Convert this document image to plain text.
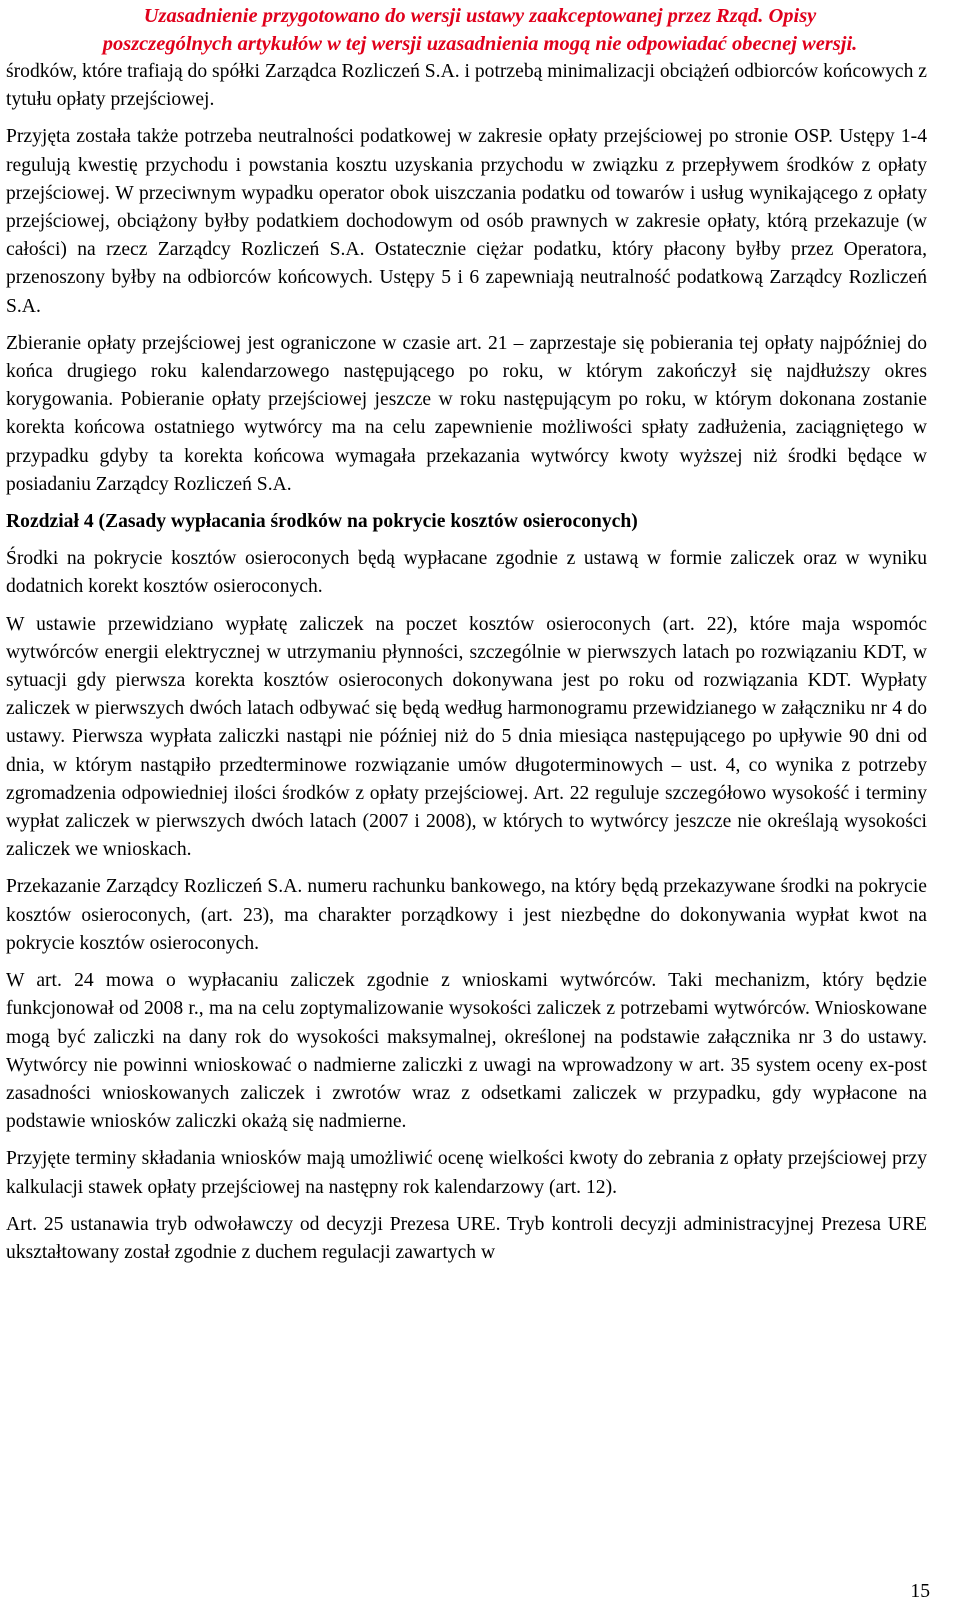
Uzasadnienie przygotowano do wersji ustawy zaakceptowanej przez Rząd. Opisy
poszczególnych artykułów w tej wersji uzasadnienia mogą nie odpowiadać obecnej wersji.

środków, które trafiają do spółki Zarządca Rozliczeń S.A. i potrzebą minimalizacji obciążeń odbiorców końcowych z tytułu opłaty przejściowej.

Przyjęta została także potrzeba neutralności podatkowej w zakresie opłaty przejściowej po stronie OSP. Ustępy 1-4 regulują kwestię przychodu i powstania kosztu uzyskania przychodu w związku z przepływem środków z opłaty przejściowej. W przeciwnym wypadku operator obok uiszczania podatku od towarów i usług wynikającego z opłaty przejściowej, obciążony byłby podatkiem dochodowym od osób prawnych w zakresie opłaty, którą przekazuje (w całości) na rzecz Zarządcy Rozliczeń S.A. Ostatecznie ciężar podatku, który płacony byłby przez Operatora, przenoszony byłby na odbiorców końcowych. Ustępy 5 i 6 zapewniają neutralność podatkową Zarządcy Rozliczeń S.A.

Zbieranie opłaty przejściowej jest ograniczone w czasie art. 21 – zaprzestaje się pobierania tej opłaty najpóźniej do końca drugiego roku kalendarzowego następującego po roku, w którym zakończył się najdłuższy okres korygowania. Pobieranie opłaty przejściowej jeszcze w roku następującym po roku, w którym dokonana zostanie korekta końcowa ostatniego wytwórcy ma na celu zapewnienie możliwości spłaty zadłużenia, zaciągniętego w przypadku gdyby ta korekta końcowa wymagała przekazania wytwórcy kwoty wyższej niż środki będące w posiadaniu Zarządcy Rozliczeń S.A.

Rozdział 4 (Zasady wypłacania środków na pokrycie kosztów osieroconych)

Środki na pokrycie kosztów osieroconych będą wypłacane zgodnie z ustawą w formie zaliczek oraz w wyniku dodatnich korekt kosztów osieroconych.

W ustawie przewidziano wypłatę zaliczek na poczet kosztów osieroconych (art. 22), które maja wspomóc wytwórców energii elektrycznej w utrzymaniu płynności, szczególnie w pierwszych latach po rozwiązaniu KDT, w sytuacji gdy pierwsza korekta kosztów osieroconych dokonywana jest po roku od rozwiązania KDT. Wypłaty zaliczek w pierwszych dwóch latach odbywać się będą według harmonogramu przewidzianego w załączniku nr 4 do ustawy. Pierwsza wypłata zaliczki nastąpi nie później niż do 5 dnia miesiąca następującego po upływie 90 dni od dnia, w którym nastąpiło przedterminowe rozwiązanie umów długoterminowych – ust. 4, co wynika z potrzeby zgromadzenia odpowiedniej ilości środków z opłaty przejściowej. Art. 22 reguluje szczegółowo wysokość i terminy wypłat zaliczek w pierwszych dwóch latach (2007 i 2008), w których to wytwórcy jeszcze nie określają wysokości zaliczek we wnioskach.

Przekazanie Zarządcy Rozliczeń S.A. numeru rachunku bankowego, na który będą przekazywane środki na pokrycie kosztów osieroconych, (art. 23), ma charakter porządkowy i jest niezbędne do dokonywania wypłat kwot na pokrycie kosztów osieroconych.

W art. 24 mowa o wypłacaniu zaliczek zgodnie z wnioskami wytwórców. Taki mechanizm, który będzie funkcjonował od 2008 r., ma na celu zoptymalizowanie wysokości zaliczek z potrzebami wytwórców. Wnioskowane mogą być zaliczki na dany rok do wysokości maksymalnej, określonej na podstawie załącznika nr 3 do ustawy. Wytwórcy nie powinni wnioskować o nadmierne zaliczki z uwagi na wprowadzony w art. 35 system oceny ex-post zasadności wnioskowanych zaliczek i zwrotów wraz z odsetkami zaliczek w przypadku, gdy wypłacone na podstawie wniosków zaliczki okażą się nadmierne.

Przyjęte terminy składania wniosków mają umożliwić ocenę wielkości kwoty do zebrania z opłaty przejściowej przy kalkulacji stawek opłaty przejściowej na następny rok kalendarzowy (art. 12).

Art. 25 ustanawia tryb odwoławczy od decyzji Prezesa URE. Tryb kontroli decyzji administracyjnej Prezesa URE ukształtowany został zgodnie z duchem regulacji zawartych w

15
